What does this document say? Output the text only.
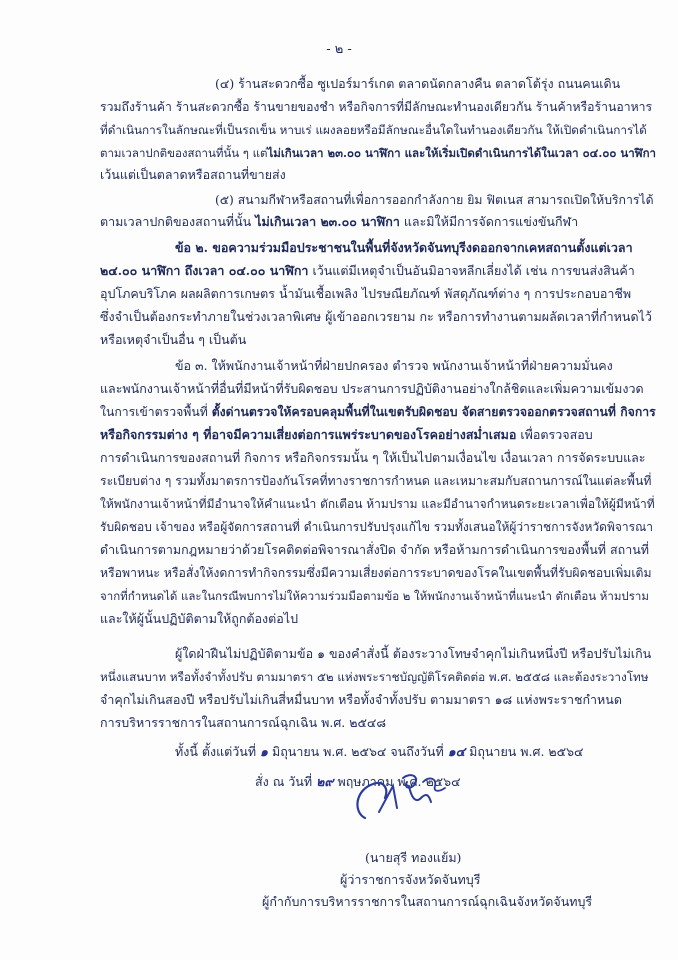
- ๒ -
(๔) ร้านสะดวกซื้อ ซูเปอร์มาร์เกต ตลาดนัดกลางคืน ตลาดโต้รุ่ง ถนนคนเดิน
รวมถึงร้านค้า ร้านสะดวกซื้อ ร้านขายของชำ หรือกิจการที่มีลักษณะทำนองเดียวกัน ร้านค้าหรือร้านอาหาร
ที่ดำเนินการในลักษณะที่เป็นรถเข็น หาบเร่ แผงลอยหรือมีลักษณะอื่นใดในทำนองเดียวกัน ให้เปิดดำเนินการได้
ตามเวลาปกติของสถานที่นั้น ๆ แต่ไม่เกินเวลา ๒๓.๐๐ นาฬิกา และให้เริ่มเปิดดำเนินการได้ในเวลา ๐๔.๐๐ นาฬิกา
เว้นแต่เป็นตลาดหรือสถานที่ขายส่ง
(๕) สนามกีฬาหรือสถานที่เพื่อการออกกำลังกาย ยิม ฟิตเนส สามารถเปิดให้บริการได้
ตามเวลาปกติของสถานที่นั้น ไม่เกินเวลา ๒๓.๐๐ นาฬิกา และมิให้มีการจัดการแข่งขันกีฬา
ข้อ ๒. ขอความร่วมมือประชาชนในพื้นที่จังหวัดจันทบุรีงดออกจากเคหสถานตั้งแต่เวลา
๒๔.๐๐ นาฬิกา ถึงเวลา ๐๔.๐๐ นาฬิกา เว้นแต่มีเหตุจำเป็นอันมิอาจหลีกเลี่ยงได้ เช่น การขนส่งสินค้า
อุปโภคบริโภค ผลผลิตการเกษตร น้ำมันเชื้อเพลิง ไปรษณียภัณฑ์ พัสดุภัณฑ์ต่าง ๆ การประกอบอาชีพ
ซึ่งจำเป็นต้องกระทำภายในช่วงเวลาพิเศษ ผู้เข้าออกเวรยาม กะ หรือการทำงานตามผลัดเวลาที่กำหนดไว้
หรือเหตุจำเป็นอื่น ๆ เป็นต้น
ข้อ ๓. ให้พนักงานเจ้าหน้าที่ฝ่ายปกครอง ตำรวจ พนักงานเจ้าหน้าที่ฝ่ายความมั่นคง
และพนักงานเจ้าหน้าที่อื่นที่มีหน้าที่รับผิดชอบ ประสานการปฏิบัติงานอย่างใกล้ชิดและเพิ่มความเข้มงวด
ในการเข้าตรวจพื้นที่ ตั้งด่านตรวจให้ครอบคลุมพื้นที่ในเขตรับผิดชอบ จัดสายตรวจออกตรวจสถานที่ กิจการ
หรือกิจกรรมต่าง ๆ ที่อาจมีความเสี่ยงต่อการแพร่ระบาดของโรคอย่างสม่ำเสมอ เพื่อตรวจสอบ
การดำเนินการของสถานที่ กิจการ หรือกิจกรรมนั้น ๆ ให้เป็นไปตามเงื่อนไข เงื่อนเวลา การจัดระบบและ
ระเบียบต่าง ๆ รวมทั้งมาตรการป้องกันโรคที่ทางราชการกำหนด และเหมาะสมกับสถานการณ์ในแต่ละพื้นที่
ให้พนักงานเจ้าหน้าที่มีอำนาจให้คำแนะนำ ตักเตือน ห้ามปราม และมีอำนาจกำหนดระยะเวลาเพื่อให้ผู้มีหน้าที่
รับผิดชอบ เจ้าของ หรือผู้จัดการสถานที่ ดำเนินการปรับปรุงแก้ไข รวมทั้งเสนอให้ผู้ว่าราชการจังหวัดพิจารณา
ดำเนินการตามกฎหมายว่าด้วยโรคติดต่อพิจารณาสั่งปิด จำกัด หรือห้ามการดำเนินการของพื้นที่ สถานที่
หรือพาหนะ หรือสั่งให้งดการทำกิจกรรมซึ่งมีความเสี่ยงต่อการระบาดของโรคในเขตพื้นที่รับผิดชอบเพิ่มเติม
จากที่กำหนดได้ และในกรณีพบการไม่ให้ความร่วมมือตามข้อ ๒ ให้พนักงานเจ้าหน้าที่แนะนำ ตักเตือน ห้ามปราม
และให้ผู้นั้นปฏิบัติตามให้ถูกต้องต่อไป
ผู้ใดฝ่าฝืนไม่ปฏิบัติตามข้อ ๑ ของคำสั่งนี้ ต้องระวางโทษจำคุกไม่เกินหนึ่งปี หรือปรับไม่เกิน
หนึ่งแสนบาท หรือทั้งจำทั้งปรับ ตามมาตรา ๕๒ แห่งพระราชบัญญัติโรคติดต่อ พ.ศ. ๒๕๕๘ และต้องระวางโทษ
จำคุกไม่เกินสองปี หรือปรับไม่เกินสี่หมื่นบาท หรือทั้งจำทั้งปรับ ตามมาตรา ๑๘ แห่งพระราชกำหนด
การบริหารราชการในสถานการณ์ฉุกเฉิน พ.ศ. ๒๕๔๘
ทั้งนี้ ตั้งแต่วันที่ ๑ มิถุนายน พ.ศ. ๒๕๖๔ จนถึงวันที่ ๑๔ มิถุนายน พ.ศ. ๒๕๖๔
สั่ง ณ วันที่ ๒๙ พฤษภาคม พ.ศ. ๒๕๖๔
(นายสุรี ทองแย้ม)
ผู้ว่าราชการจังหวัดจันทบุรี
ผู้กำกับการบริหารราชการในสถานการณ์ฉุกเฉินจังหวัดจันทบุรี
